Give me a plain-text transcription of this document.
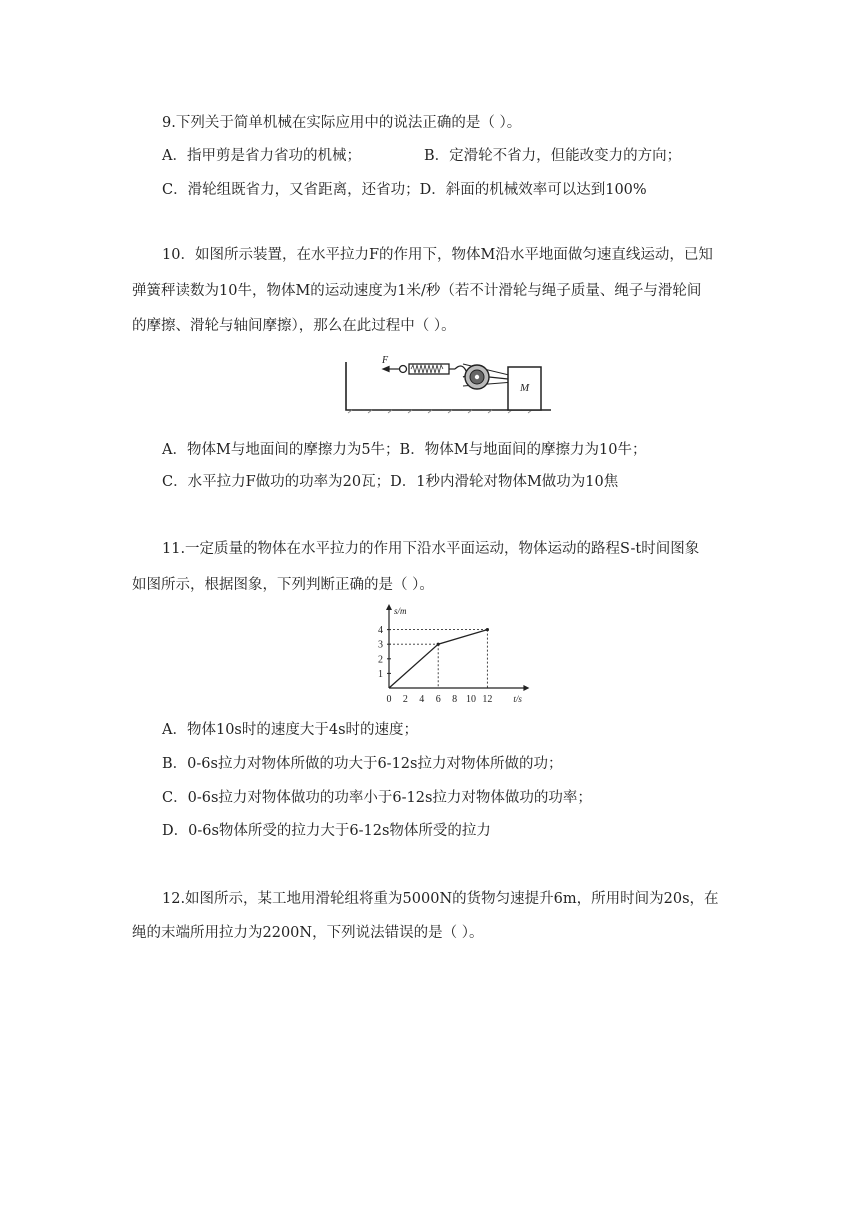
9.下列关于简单机械在实际应用中的说法正确的是（ ）。
A．指甲剪是省力省功的机械；	B．定滑轮不省力，但能改变力的方向；
C．滑轮组既省力，又省距离，还省功；D．斜面的机械效率可以达到100%
10．如图所示装置，在水平拉力F的作用下，物体M沿水平地面做匀速直线运动，已知
弹簧秤读数为10牛，物体M的运动速度为1米/秒（若不计滑轮与绳子质量、绳子与滑轮间
的摩擦、滑轮与轴间摩擦），那么在此过程中（ ）。
F
M
A．物体M与地面间的摩擦力为5牛；B．物体M与地面间的摩擦力为10牛；
C．水平拉力F做功的功率为20瓦；D．1秒内滑轮对物体M做功为10焦
11.一定质量的物体在水平拉力的作用下沿水平面运动，物体运动的路程S-t时间图象
如图所示，根据图象，下列判断正确的是（ ）。
s/m
t/s
0 2 4 6 8 10 12
1
2
3
4
A．物体10s时的速度大于4s时的速度；
B．0-6s拉力对物体所做的功大于6-12s拉力对物体所做的功；
C．0-6s拉力对物体做功的功率小于6-12s拉力对物体做功的功率；
D．0-6s物体所受的拉力大于6-12s物体所受的拉力
12.如图所示，某工地用滑轮组将重为5000N的货物匀速提升6m，所用时间为20s，在
绳的末端所用拉力为2200N，下列说法错误的是（ ）。
